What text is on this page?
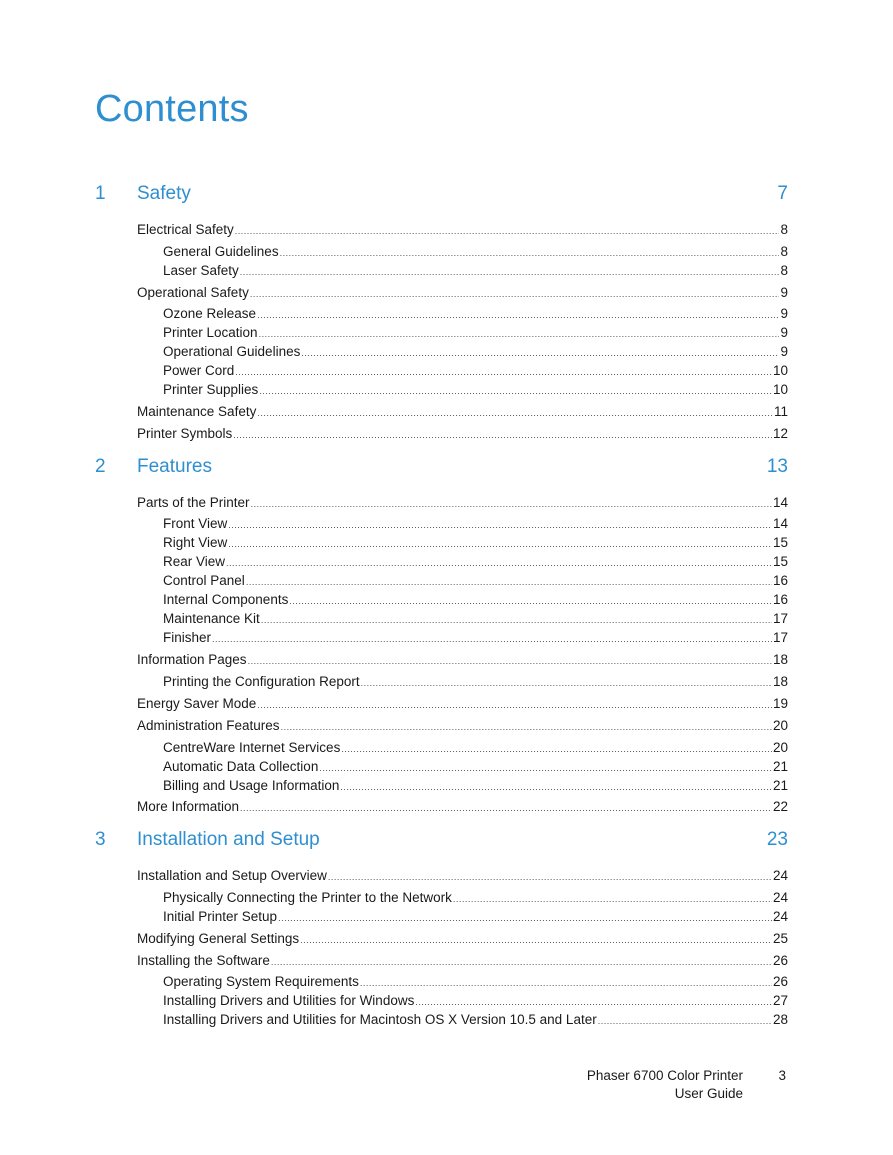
Contents
1 Safety	7
Electrical Safety .....	8
General Guidelines .....	8
Laser Safety .....	8
Operational Safety .....	9
Ozone Release .....	9
Printer Location .....	9
Operational Guidelines .....	9
Power Cord .....	10
Printer Supplies .....	10
Maintenance Safety .....	11
Printer Symbols .....	12
2 Features	13
Parts of the Printer .....	14
Front View .....	14
Right View .....	15
Rear View .....	15
Control Panel .....	16
Internal Components .....	16
Maintenance Kit .....	17
Finisher .....	17
Information Pages .....	18
Printing the Configuration Report .....	18
Energy Saver Mode .....	19
Administration Features .....	20
CentreWare Internet Services .....	20
Automatic Data Collection .....	21
Billing and Usage Information .....	21
More Information .....	22
3 Installation and Setup	23
Installation and Setup Overview .....	24
Physically Connecting the Printer to the Network .....	24
Initial Printer Setup .....	24
Modifying General Settings .....	25
Installing the Software .....	26
Operating System Requirements .....	26
Installing Drivers and Utilities for Windows .....	27
Installing Drivers and Utilities for Macintosh OS X Version 10.5 and Later .....	28
Phaser 6700 Color Printer
User Guide
3
